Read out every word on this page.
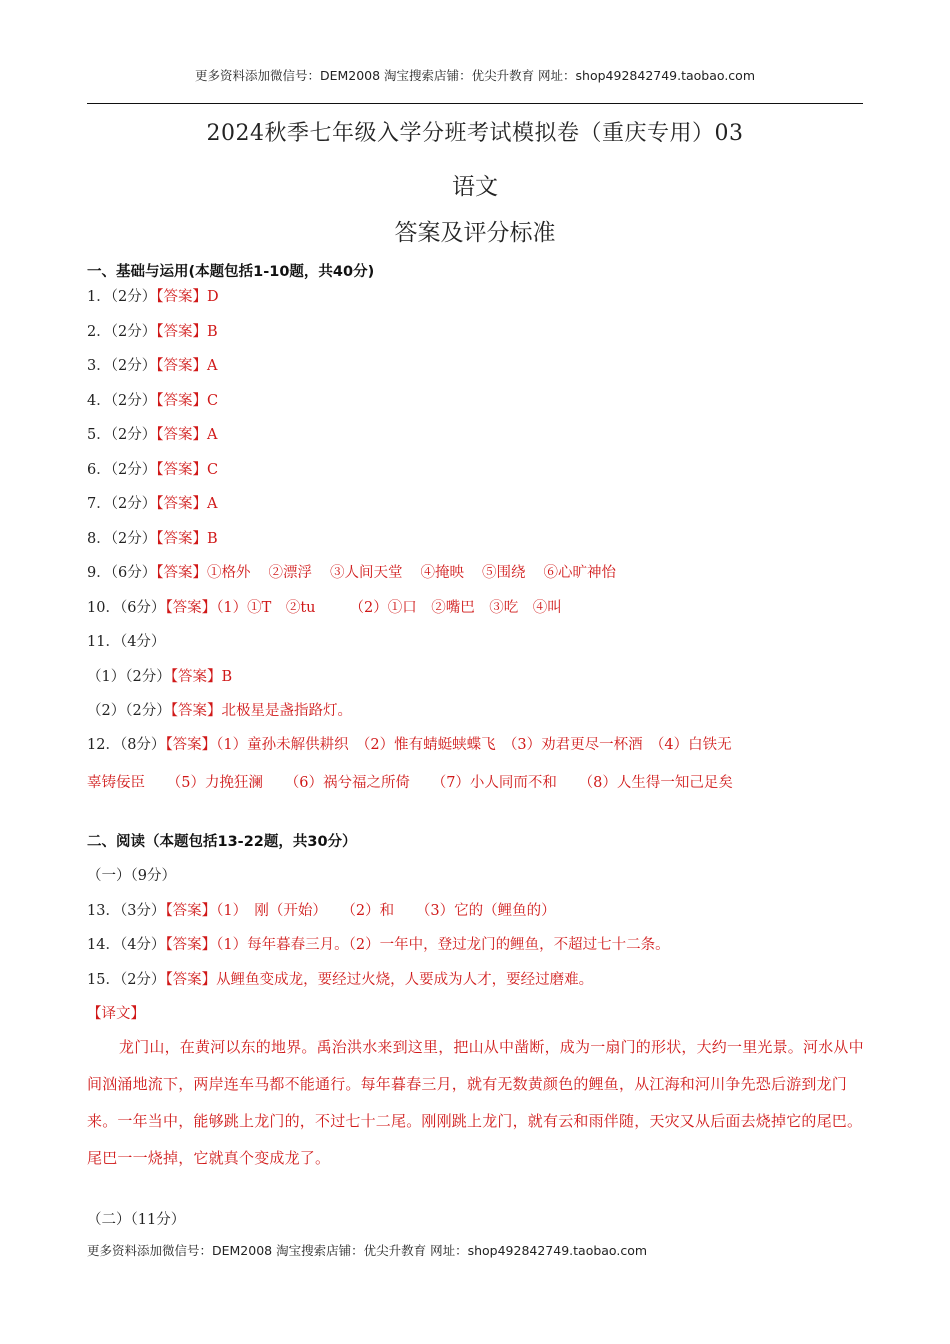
更多资料添加微信号：DEM2008 淘宝搜索店铺：优尖升教育 网址：shop492842749.taobao.com
2024秋季七年级入学分班考试模拟卷（重庆专用）03
语文
答案及评分标准
一、基础与运用(本题包括1-10题，共40分)
1．（2分）【答案】D
2．（2分）【答案】B
3．（2分）【答案】A
4．（2分）【答案】C
5．（2分）【答案】A
6．（2分）【答案】C
7．（2分）【答案】A
8．（2分）【答案】B
9．（6分）【答案】①格外 ②漂浮 ③人间天堂 ④掩映 ⑤围绕 ⑥心旷神怡
10．（6分）【答案】（1）①T　②tu （2）①口　②嘴巴　③吃　④叫
11．（4分）
（1）（2分）【答案】B
（2）（2分）【答案】北极星是盏指路灯。
12．（8分）【答案】（1）童孙未解供耕织　（2）惟有蜻蜓蛱蝶飞　（3）劝君更尽一杯酒　（4）白铁无
辜铸佞臣　　（5）力挽狂澜　　（6）祸兮福之所倚　　（7）小人同而不和　　（8）人生得一知己足矣
二、阅读（本题包括13-22题，共30分）
（一）（9分）
13．（3分）【答案】（1）　刚（开始）　　（2）和　　（3）它的（鲤鱼的）
14．（4分）【答案】（1）每年暮春三月。（2）一年中，登过龙门的鲤鱼，不超过七十二条。
15．（2分）【答案】从鲤鱼变成龙，要经过火烧，人要成为人才，要经过磨难。
【译文】
龙门山，在黄河以东的地界。禹治洪水来到这里，把山从中凿断，成为一扇门的形状，大约一里光景。河水从中间汹涌地流下，两岸连车马都不能通行。每年暮春三月，就有无数黄颜色的鲤鱼，从江海和河川争先恐后游到龙门来。一年当中，能够跳上龙门的，不过七十二尾。刚刚跳上龙门，就有云和雨伴随，天灾又从后面去烧掉它的尾巴。尾巴一一烧掉，它就真个变成龙了。
（二）（11分）
更多资料添加微信号：DEM2008 淘宝搜索店铺：优尖升教育 网址：shop492842749.taobao.com
